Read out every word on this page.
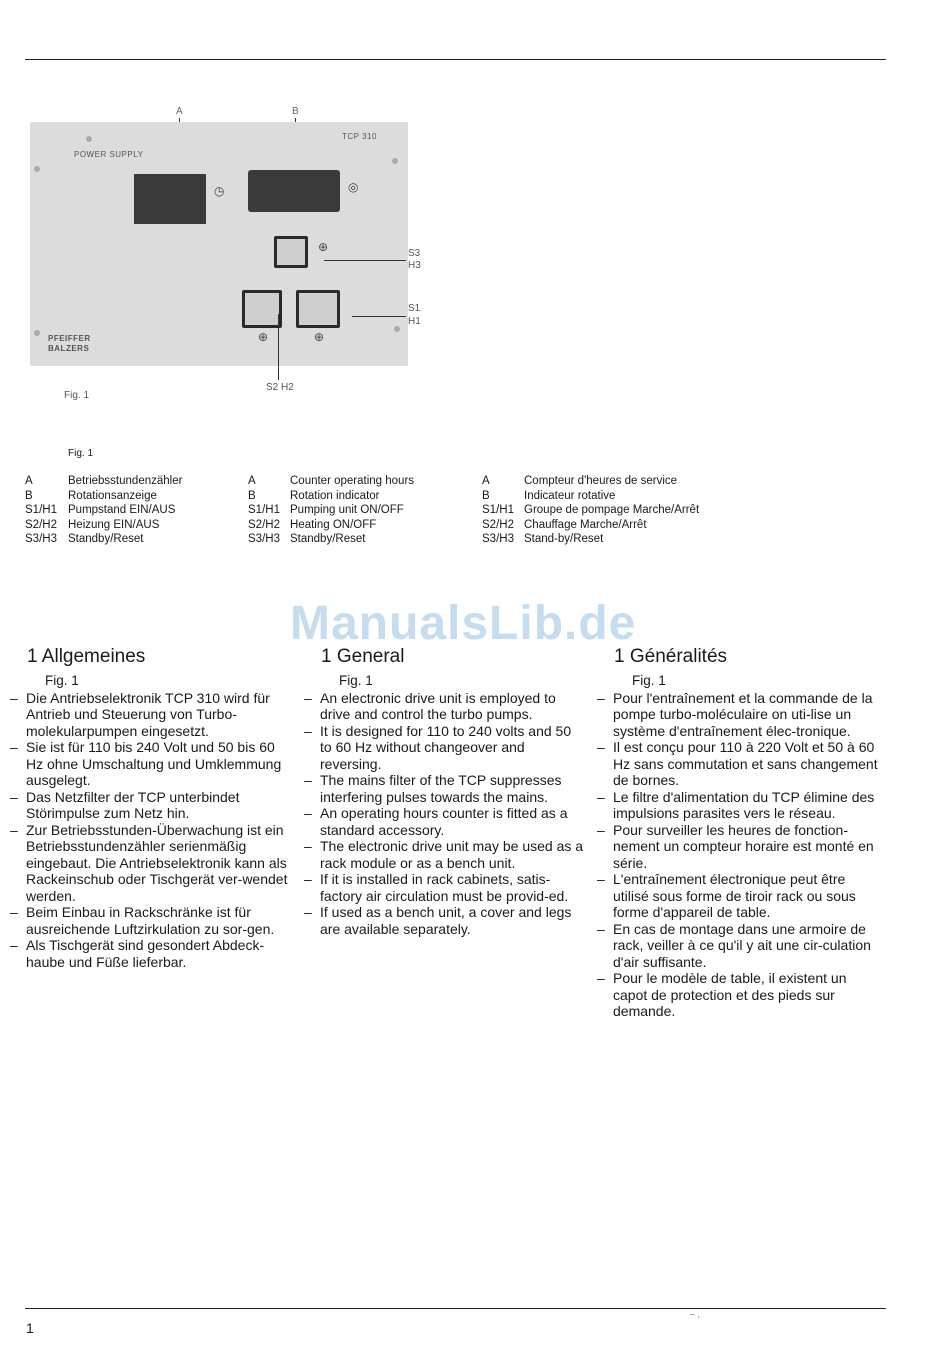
A	B
POWER SUPPLY
TCP 310
◷	◎
⊕
⊕	⊕
PFEIFFER
BALZERS
S3
H3
S1
H1
S2 H2
Fig. 1
Fig. 1
A	Betriebsstundenzähler
B	Rotationsanzeige
S1/H1 Pumpstand EIN/AUS
S2/H2 Heizung EIN/AUS
S3/H3 Standby/Reset
A	Counter operating hours
B	Rotation indicator
S1/H1 Pumping unit ON/OFF
S2/H2 Heating ON/OFF
S3/H3 Standby/Reset
A	Compteur d'heures de service
B	Indicateur rotative
S1/H1 Groupe de pompage Marche/Arrêt
S2/H2 Chauffage Marche/Arrêt
S3/H3 Stand-by/Reset
ManualsLib.de
1 Allgemeines
Fig. 1
– Die Antriebselektronik TCP 310 wird für Antrieb und Steuerung von Turbo-molekularpumpen eingesetzt.
– Sie ist für 110 bis 240 Volt und 50 bis 60 Hz ohne Umschaltung und Umklemmung ausgelegt.
– Das Netzfilter der TCP unterbindet Störimpulse zum Netz hin.
– Zur Betriebsstunden-Überwachung ist ein Betriebsstundenzähler serienmäßig eingebaut. Die Antriebselektronik kann als Rackeinschub oder Tischgerät ver-wendet werden.
– Beim Einbau in Rackschränke ist für ausreichende Luftzirkulation zu sor-gen.
– Als Tischgerät sind gesondert Abdeck-haube und Füße lieferbar.
1 General
Fig. 1
– An electronic drive unit is employed to drive and control the turbo pumps.
– It is designed for 110 to 240 volts and 50 to 60 Hz without changeover and reversing.
– The mains filter of the TCP suppresses interfering pulses towards the mains.
– An operating hours counter is fitted as a standard accessory.
– The electronic drive unit may be used as a rack module or as a bench unit.
– If it is installed in rack cabinets, satis-factory air circulation must be provid-ed.
– If used as a bench unit, a cover and legs are available separately.
1 Généralités
Fig. 1
– Pour l'entraînement et la commande de la pompe turbo-moléculaire on uti-lise un système d'entraînement élec-tronique.
– Il est conçu pour 110 à 220 Volt et 50 à 60 Hz sans commutation et sans changement de bornes.
– Le filtre d'alimentation du TCP élimine des impulsions parasites vers le réseau.
– Pour surveiller les heures de fonction-nement un compteur horaire est monté en série.
– L'entraînement électronique peut être utilisé sous forme de tiroir rack ou sous forme d'appareil de table.
– En cas de montage dans une armoire de rack, veiller à ce qu'il y ait une cir-culation d'air suffisante.
– Pour le modèle de table, il existent un capot de protection et des pieds sur demande.
– ,
1
